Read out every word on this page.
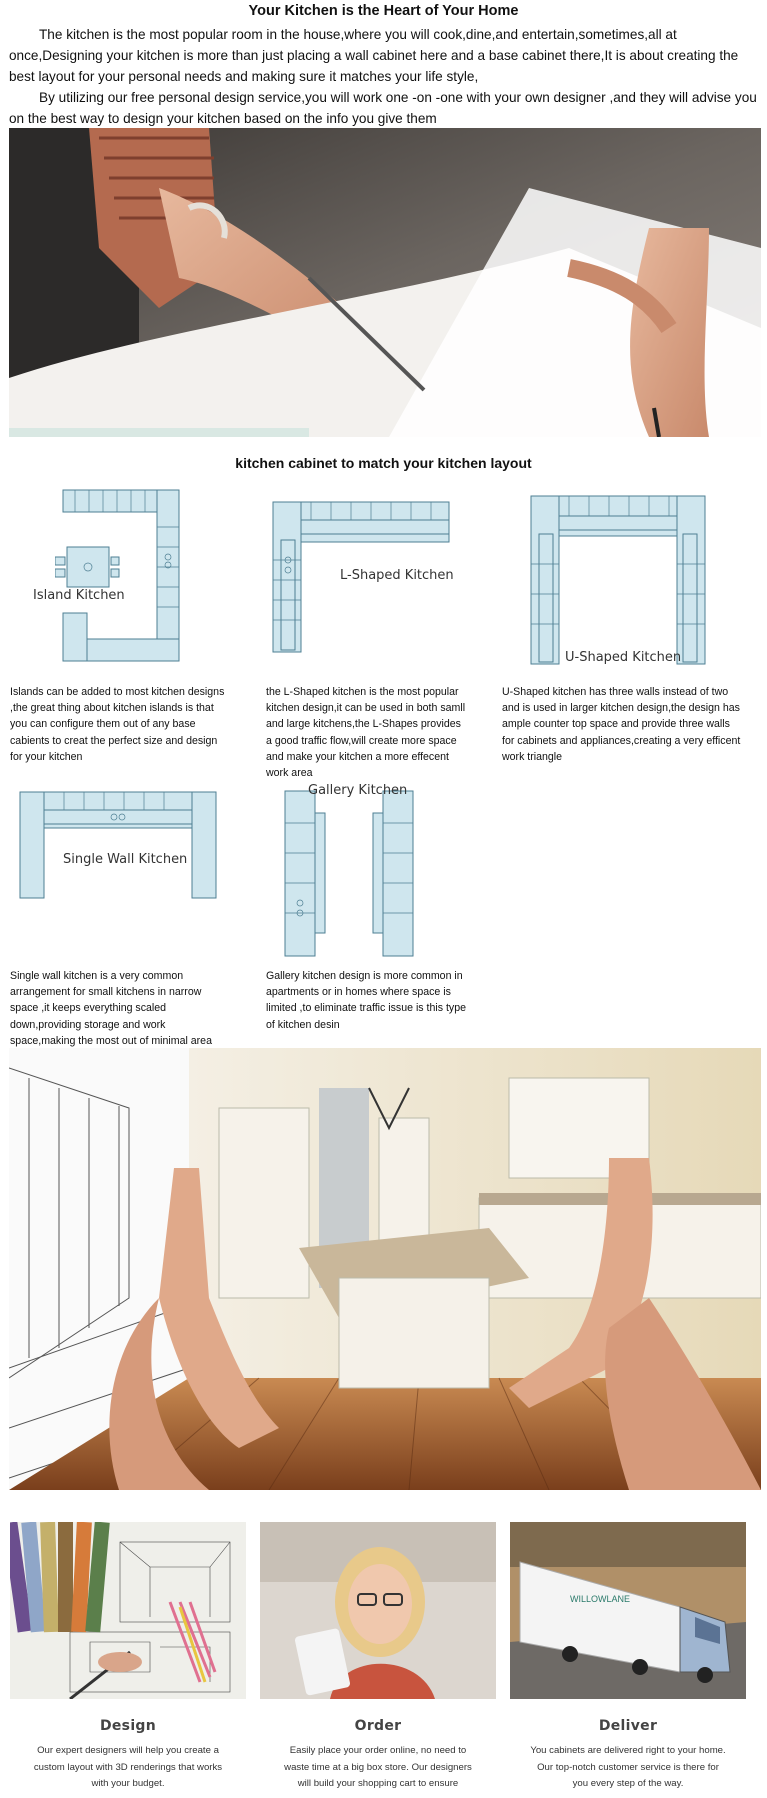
Your Kitchen is the Heart of Your Home

The kitchen is the most popular room in the house,where you will cook,dine,and entertain,sometimes,all at once,Designing your kitchen is more than just placing a wall cabinet here and a base cabinet there,It is about creating the best layout for your personal needs and making sure it matches your life style,

By utilizing our free personal design service,you will work one -on -one with your own designer ,and they will advise you on the best way to design your kitchen based on the info you give them

kitchen cabinet to match your kitchen layout
Island Kitchen
L-Shaped Kitchen
U-Shaped Kitchen
Islands can be added to most kitchen designs ,the great thing about kitchen islands is that you can configure them out of any base cabients to creat the perfect size and design for your kitchen
the L-Shaped kitchen is the most popular kitchen design,it can be used in both samll and large kitchens,the L-Shapes provides a good traffic flow,will create more space and make your kitchen a more effecent work area
U-Shaped kitchen has three walls instead of two and is used in larger kitchen design,the design has ample counter top space and provide three walls for cabinets and appliances,creating a very efficent work triangle
Single Wall Kitchen
Gallery Kitchen
Single wall kitchen is a very common arrangement for small kitchens in narrow space ,it keeps everything scaled down,providing storage and work space,making the most out of minimal area
Gallery kitchen design is more common in apartments or in homes where space is limited ,to eliminate traffic issue is this type of kitchen desin
WILLOWLANE
Design	Order	Deliver
Our expert designers will help you create a custom layout with 3D renderings that works with your budget.
Easily place your order online, no need to waste time at a big box store. Our designers will build your shopping cart to ensure
You cabinets are delivered right to your home. Our top-notch customer service is there for you every step of the way.
